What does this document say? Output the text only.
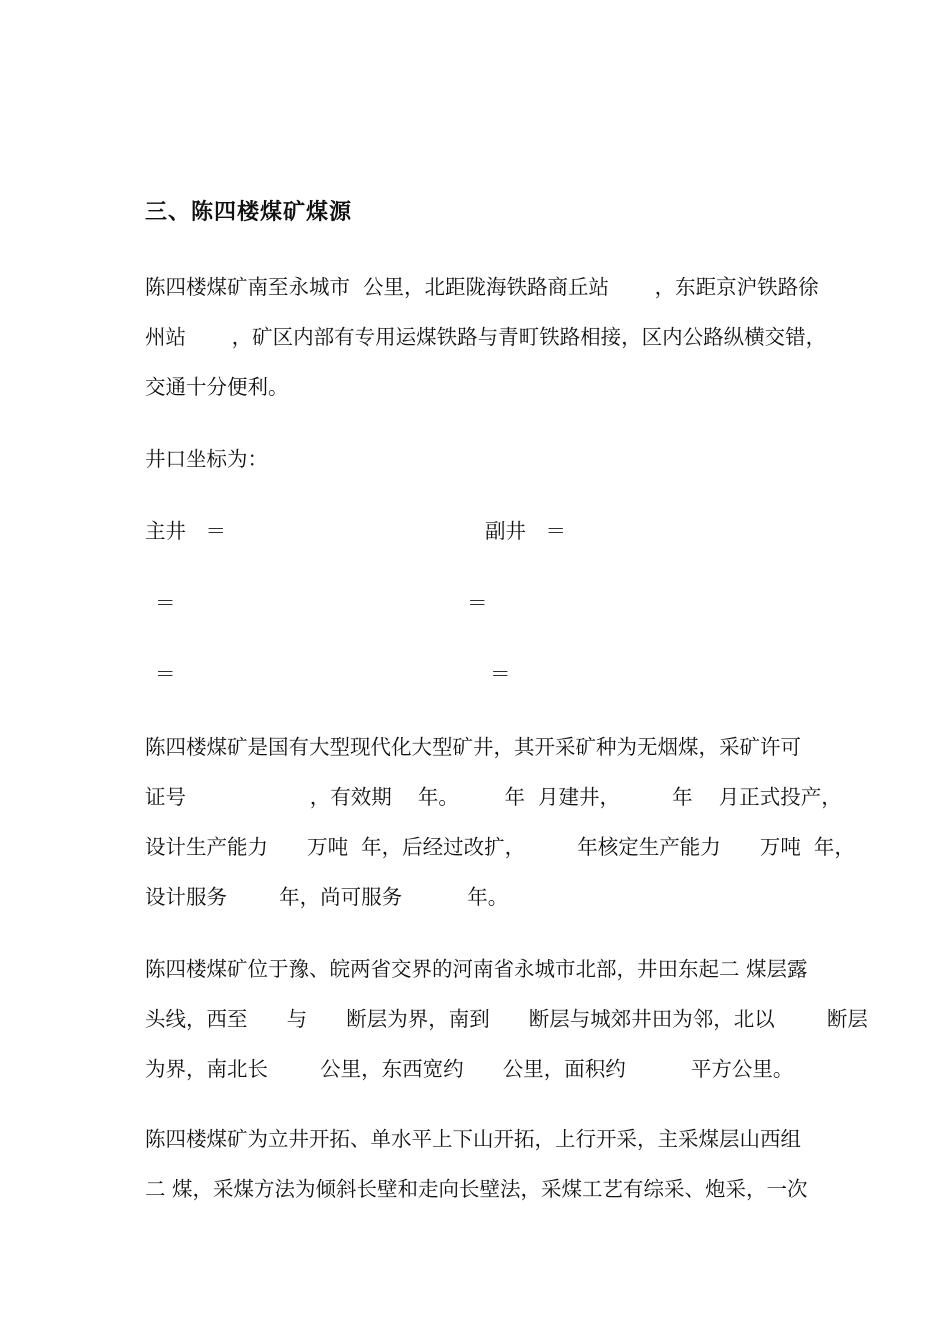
三、陈四楼煤矿煤源
陈四楼煤矿南至永城市  公里，北距陇海铁路商丘站       ，东距京沪铁路徐
州站       ，矿区内部有专用运煤铁路与青町铁路相接，区内公路纵横交错，
交通十分便利。
井口坐标为：
主井   ＝	副井   ＝
＝	＝
＝	＝
陈四楼煤矿是国有大型现代化大型矿井，其开采矿种为无烟煤，采矿许可
证号                   ，有效期    年。       年  月建井，        年    月正式投产，
设计生产能力      万吨  年，后经过改扩，        年核定生产能力      万吨  年，
设计服务        年，尚可服务          年。
陈四楼煤矿位于豫、皖两省交界的河南省永城市北部，井田东起二 煤层露
头线，西至      与      断层为界，南到      断层与城郊井田为邻，北以        断层
为界，南北长        公里，东西宽约      公里，面积约          平方公里。
陈四楼煤矿为立井开拓、单水平上下山开拓，上行开采，主采煤层山西组
二 煤，采煤方法为倾斜长壁和走向长壁法，采煤工艺有综采、炮采，一次
